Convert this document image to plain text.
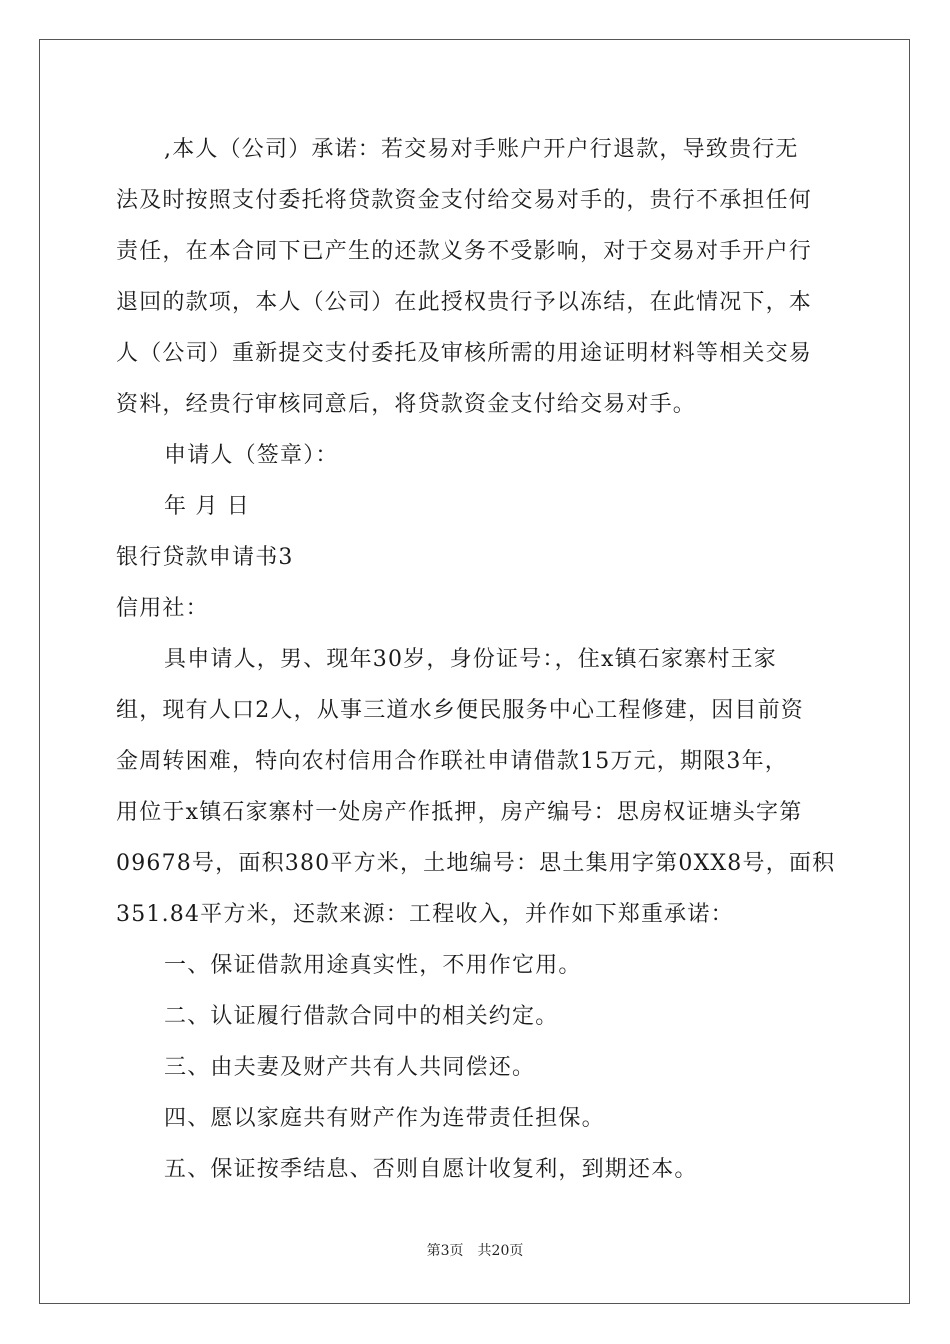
,本人（公司）承诺：若交易对手账户开户行退款，导致贵行无
法及时按照支付委托将贷款资金支付给交易对手的，贵行不承担任何
责任，在本合同下已产生的还款义务不受影响，对于交易对手开户行
退回的款项，本人（公司）在此授权贵行予以冻结，在此情况下，本
人（公司）重新提交支付委托及审核所需的用途证明材料等相关交易
资料，经贵行审核同意后，将贷款资金支付给交易对手。
申请人（签章）：
年 月 日
银行贷款申请书3
信用社：
具申请人，男、现年30岁，身份证号：，住x镇石家寨村王家
组，现有人口2人，从事三道水乡便民服务中心工程修建，因目前资
金周转困难，特向农村信用合作联社申请借款15万元，期限3年，
用位于x镇石家寨村一处房产作抵押，房产编号：思房权证塘头字第
09678号，面积380平方米，土地编号：思土集用字第0XX8号，面积
351.84平方米，还款来源：工程收入，并作如下郑重承诺：
一、保证借款用途真实性，不用作它用。
二、认证履行借款合同中的相关约定。
三、由夫妻及财产共有人共同偿还。
四、愿以家庭共有财产作为连带责任担保。
五、保证按季结息、否则自愿计收复利，到期还本。
第3页 共20页
